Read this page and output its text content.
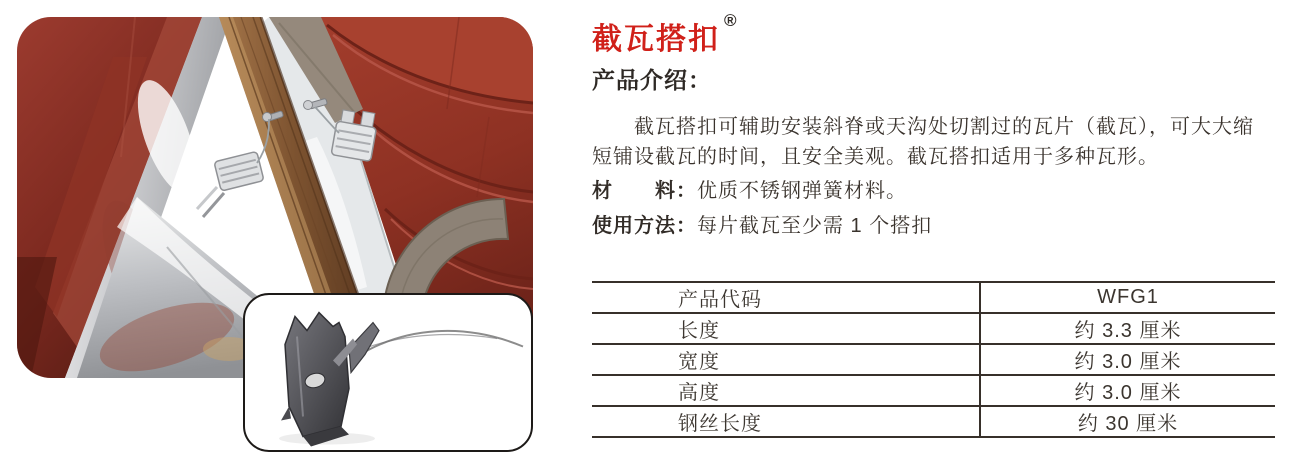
截瓦搭扣®
产品介绍：

截瓦搭扣可辅助安装斜脊或天沟处切割过的瓦片（截瓦），可大大缩

短铺设截瓦的时间，且安全美观。截瓦搭扣适用于多种瓦形。

材　　料：优质不锈钢弹簧材料。

使用方法：每片截瓦至少需 1 个搭扣

产品代码	WFG1
长度	约 3.3 厘米
宽度	约 3.0 厘米
高度	约 3.0 厘米
钢丝长度	约 30 厘米
